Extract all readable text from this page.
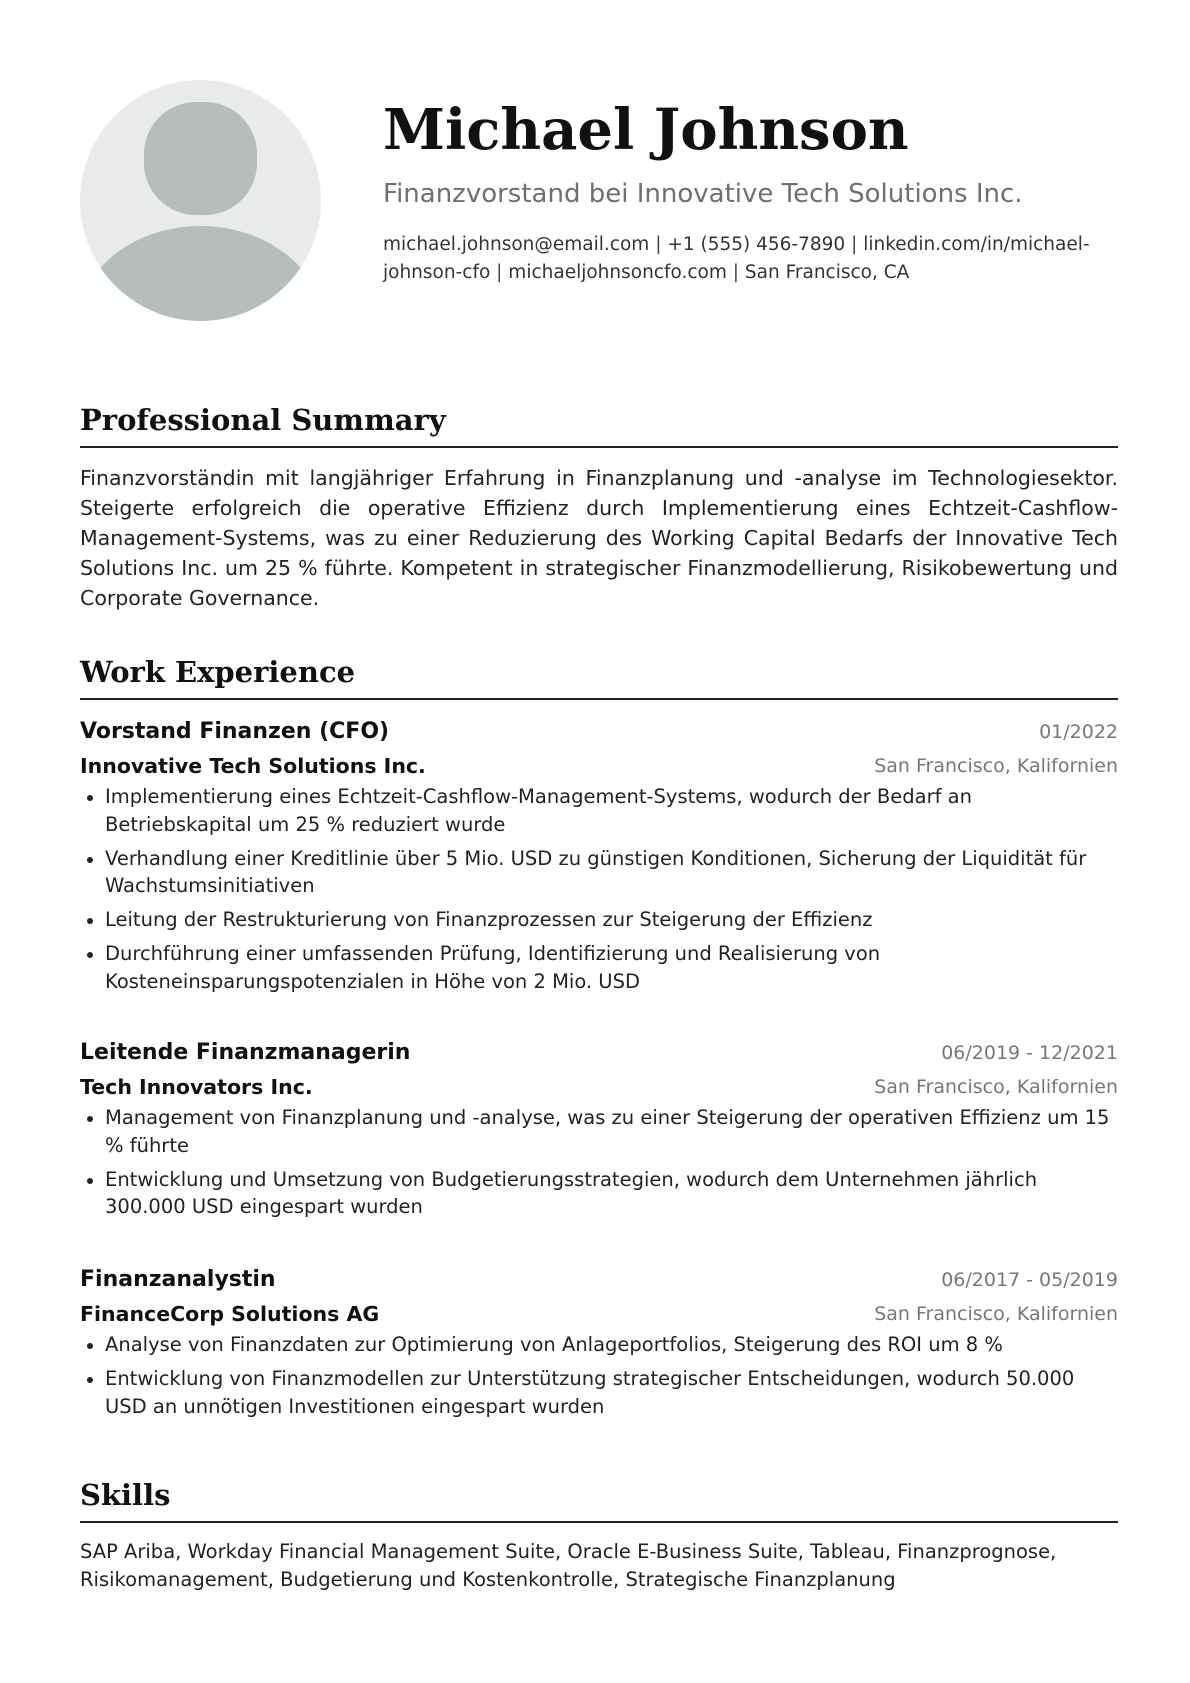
Michael Johnson
Finanzvorstand bei Innovative Tech Solutions Inc.
michael.johnson@email.com | +1 (555) 456-7890 | linkedin.com/in/michael-johnson-cfo | michaeljohnsoncfo.com | San Francisco, CA
Professional Summary

Finanzvorständin mit langjähriger Erfahrung in Finanzplanung und -analyse im Technologiesektor. Steigerte erfolgreich die operative Effizienz durch Implementierung eines Echtzeit-Cashflow-Management-Systems, was zu einer Reduzierung des Working Capital Bedarfs der Innovative Tech Solutions Inc. um 25 % führte. Kompetent in strategischer Finanzmodellierung, Risikobewertung und Corporate Governance.

Work Experience
Vorstand Finanzen (CFO)	01/2022
Innovative Tech Solutions Inc.	San Francisco, Kalifornien
Implementierung eines Echtzeit-Cashflow-Management-Systems, wodurch der Bedarf an Betriebskapital um 25 % reduziert wurde
Verhandlung einer Kreditlinie über 5 Mio. USD zu günstigen Konditionen, Sicherung der Liquidität für Wachstumsinitiativen
Leitung der Restrukturierung von Finanzprozessen zur Steigerung der Effizienz
Durchführung einer umfassenden Prüfung, Identifizierung und Realisierung von Kosteneinsparungspotenzialen in Höhe von 2 Mio. USD
Leitende Finanzmanagerin	06/2019 - 12/2021
Tech Innovators Inc.	San Francisco, Kalifornien
Management von Finanzplanung und -analyse, was zu einer Steigerung der operativen Effizienz um 15 % führte
Entwicklung und Umsetzung von Budgetierungsstrategien, wodurch dem Unternehmen jährlich 300.000 USD eingespart wurden
Finanzanalystin	06/2017 - 05/2019
FinanceCorp Solutions AG	San Francisco, Kalifornien
Analyse von Finanzdaten zur Optimierung von Anlageportfolios, Steigerung des ROI um 8 %
Entwicklung von Finanzmodellen zur Unterstützung strategischer Entscheidungen, wodurch 50.000 USD an unnötigen Investitionen eingespart wurden
Skills

SAP Ariba, Workday Financial Management Suite, Oracle E-Business Suite, Tableau, Finanzprognose, Risikomanagement, Budgetierung und Kostenkontrolle, Strategische Finanzplanung
